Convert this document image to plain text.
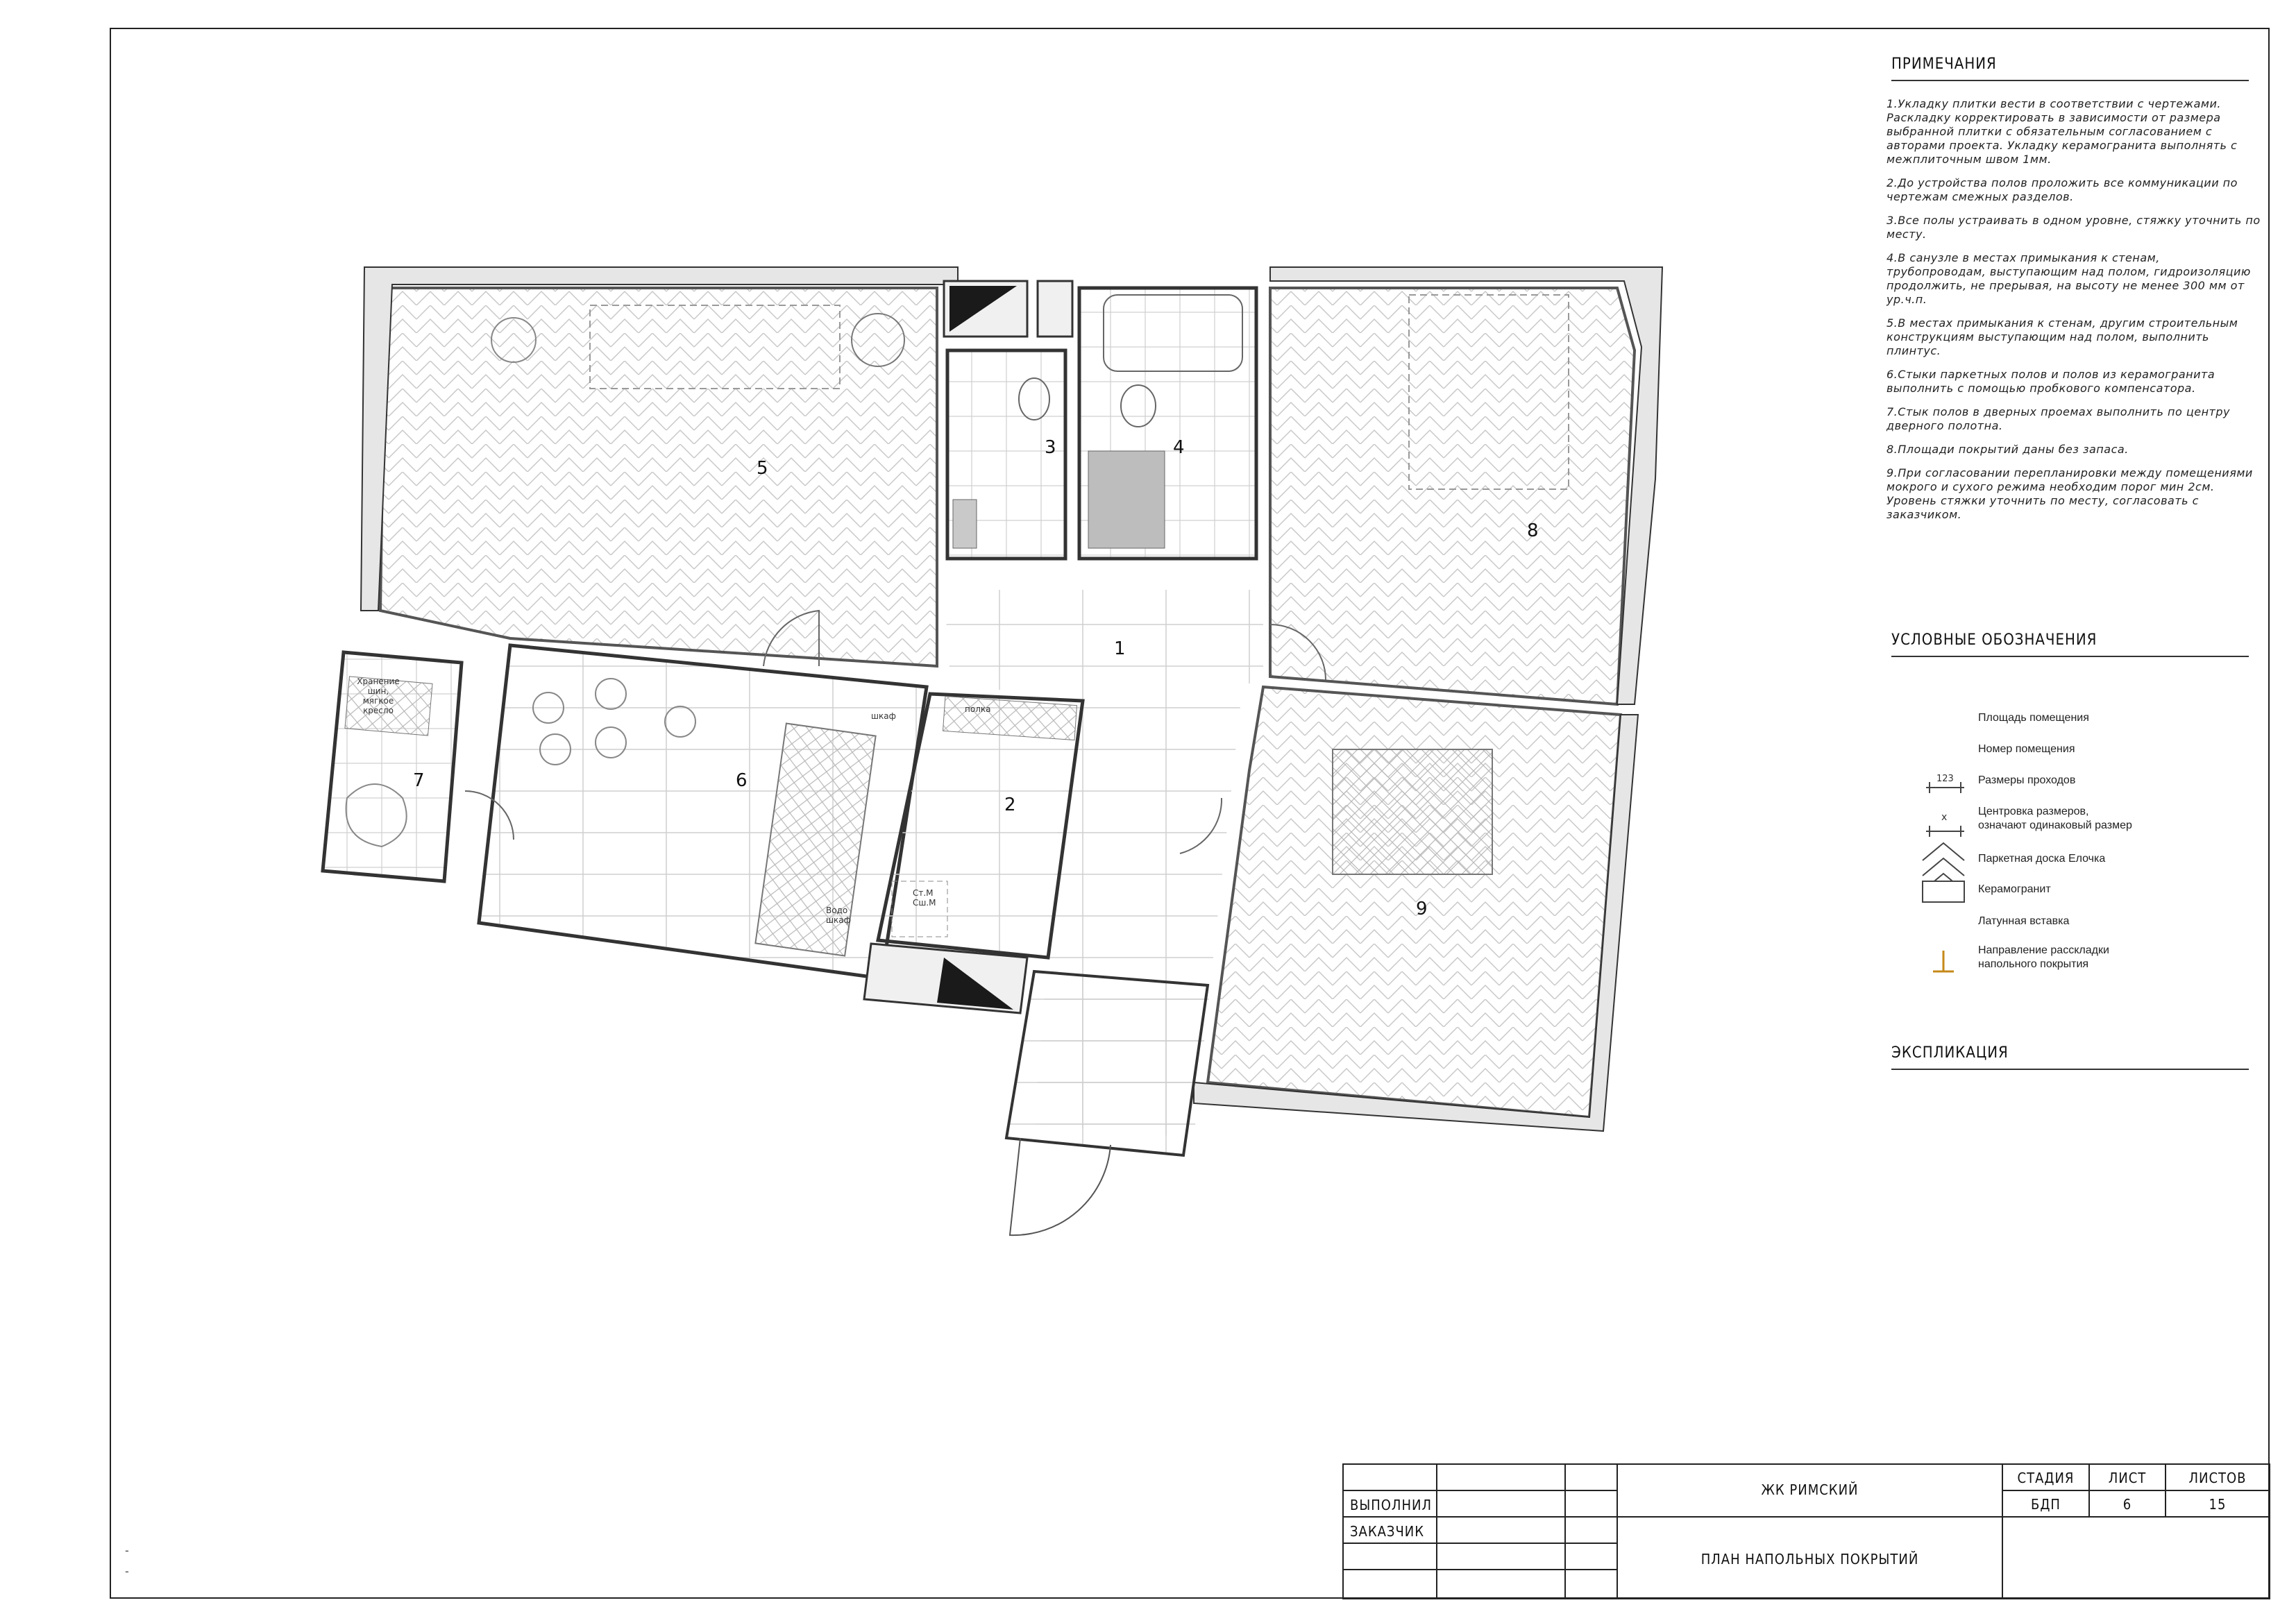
5
3	4
8
1
6
7
2
9
Хранение
шин,
мягкое
кресло	полка
шкаф
Ст.М
Сш.М
Водо
шкаф
ПРИМЕЧАНИЯ

1.Укладку плитки вести в соответствии с чертежами. Раскладку корректировать в зависимости от размера выбранной плитки с обязательным согласованием с авторами проекта. Укладку керамогранита выполнять с межплиточным швом 1мм.

2.До устройства полов проложить все коммуникации по чертежам смежных разделов.

3.Все полы устраивать в одном уровне, стяжку уточнить по месту.

4.В санузле в местах примыкания к стенам, трубопроводам, выступающим над полом, гидроизоляцию продолжить, не прерывая, на высоту не менее 300 мм от ур.ч.п.

5.В местах примыкания к стенам, другим строительным конструкциям выступающим над полом, выполнить плинтус.

6.Стыки паркетных полов и полов из керамогранита выполнить с помощью пробкового компенсатора.

7.Стык полов в дверных проемах выполнить по центру дверного полотна.

8.Площади покрытий даны без запаса.

9.При согласовании перепланировки между помещениями мокрого и сухого режима необходим порог мин 2см. Уровень стяжки уточнить по месту, согласовать с заказчиком.

УСЛОВНЫЕ ОБОЗНАЧЕНИЯ
Площадь помещения
Номер помещения
123 Размеры проходов
x	Центровка размеров,
означают одинаковый размер
Паркетная доска Елочка
Керамогранит
Латунная вставка
Направление расскладки
напольного покрытия
ЭКСПЛИКАЦИЯ
ВЫПОЛНИЛ
ЗАКАЗЧИК
ЖК РИМСКИЙ
ПЛАН НАПОЛЬНЫХ ПОКРЫТИЙ
СТАДИЯ	ЛИСТ	ЛИСТОВ
БДП	6	15
-
-
